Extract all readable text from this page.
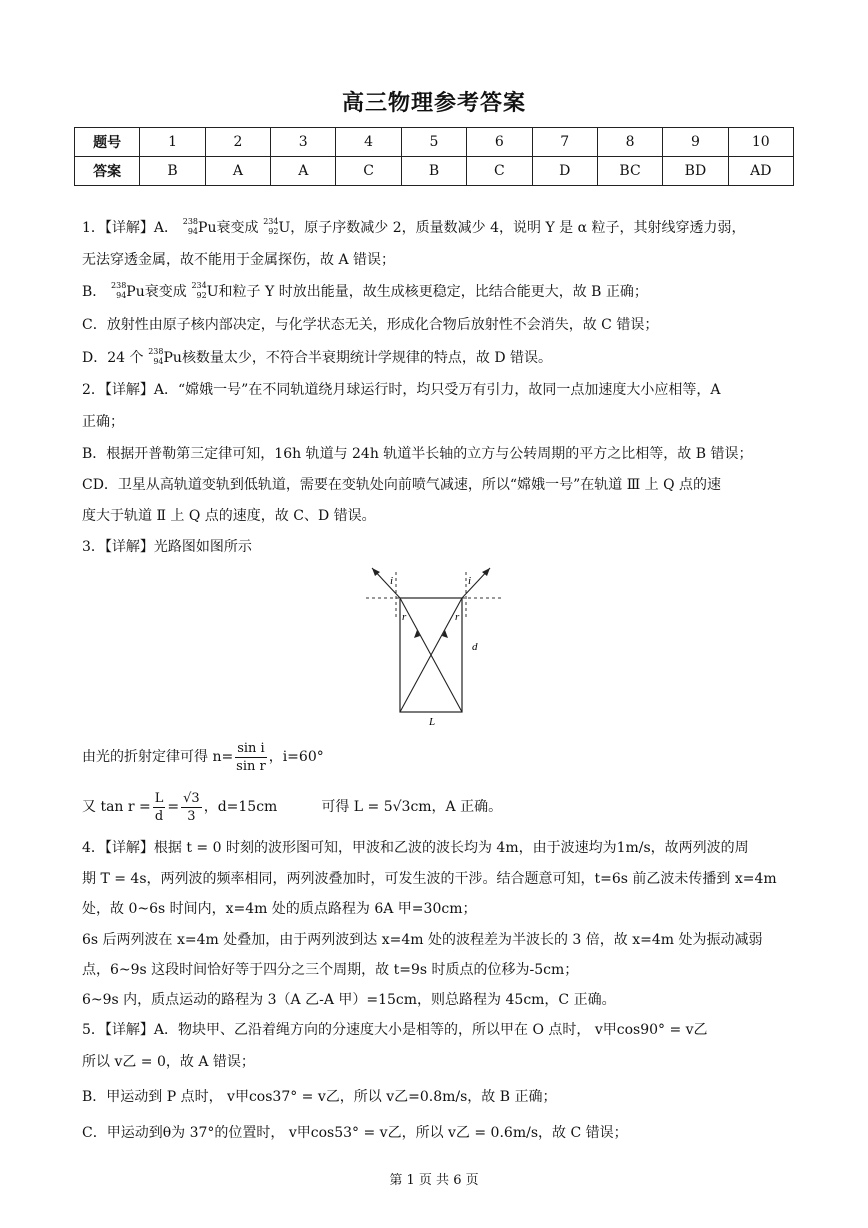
高三物理参考答案
题号	1	2	3	4	5	6	7	8	9	10
答案	B	A	A	C	B	C	D	BC	BD	AD
1．【详解】A． 238
94 Pu衰变成 234
92 U，原子序数减少 2，质量数减少 4，说明 Y 是 α 粒子，其射线穿透力弱，
无法穿透金属，故不能用于金属探伤，故 A 错误；
B． 238
94 Pu衰变成 234
92 U和粒子 Y 时放出能量，故生成核更稳定，比结合能更大，故 B 正确；
C．放射性由原子核内部决定，与化学状态无关，形成化合物后放射性不会消失，故 C 错误；
D．24 个 238
94 Pu核数量太少，不符合半衰期统计学规律的特点，故 D 错误。
2．【详解】A．“嫦娥一号”在不同轨道绕月球运行时，均只受万有引力，故同一点加速度大小应相等，A
正确；
B．根据开普勒第三定律可知，16h 轨道与 24h 轨道半长轴的立方与公转周期的平方之比相等，故 B 错误；
CD．卫星从高轨道变轨到低轨道，需要在变轨处向前喷气减速，所以“嫦娥一号”在轨道 Ⅲ 上 Q 点的速
度大于轨道 Ⅱ 上 Q 点的速度，故 C、D 错误。
3．【详解】光路图如图所示
i	i
r	r
d
L
由光的折射定律可得 $n= \frac{\text{sin i}}{\text{sin r}}$ ，i=60°
又 $\tan r = \frac{L}{d} = \frac{√3}{3}$ ，d=15cm	可得 L = 5√3cm，A 正确。
4．【详解】根据 t = 0 时刻的波形图可知，甲波和乙波的波长均为 4m，由于波速均为1m/s，故两列波的周
期 T = 4s，两列波的频率相同，两列波叠加时，可发生波的干涉。结合题意可知，t=6s 前乙波未传播到 x=4m
处，故 0~6s 时间内，x=4m 处的质点路程为 6A 甲=30cm；
6s 后两列波在 x=4m 处叠加，由于两列波到达 x=4m 处的波程差为半波长的 3 倍，故 x=4m 处为振动减弱
点，6~9s 这段时间恰好等于四分之三个周期，故 t=9s 时质点的位移为-5cm；
6~9s 内，质点运动的路程为 3（A 乙-A 甲）=15cm，则总路程为 45cm，C 正确。
5．【详解】A．物块甲、乙沿着绳方向的分速度大小是相等的，所以甲在 O 点时， v甲cos90° = v乙
所以 v乙 = 0，故 A 错误；
B．甲运动到 P 点时， v甲cos37° = v乙，所以 v乙=0.8m/s，故 B 正确；
C．甲运动到θ为 37°的位置时， v甲cos53° = v乙，所以 v乙 = 0.6m/s，故 C 错误；
第 1 页 共 6 页
